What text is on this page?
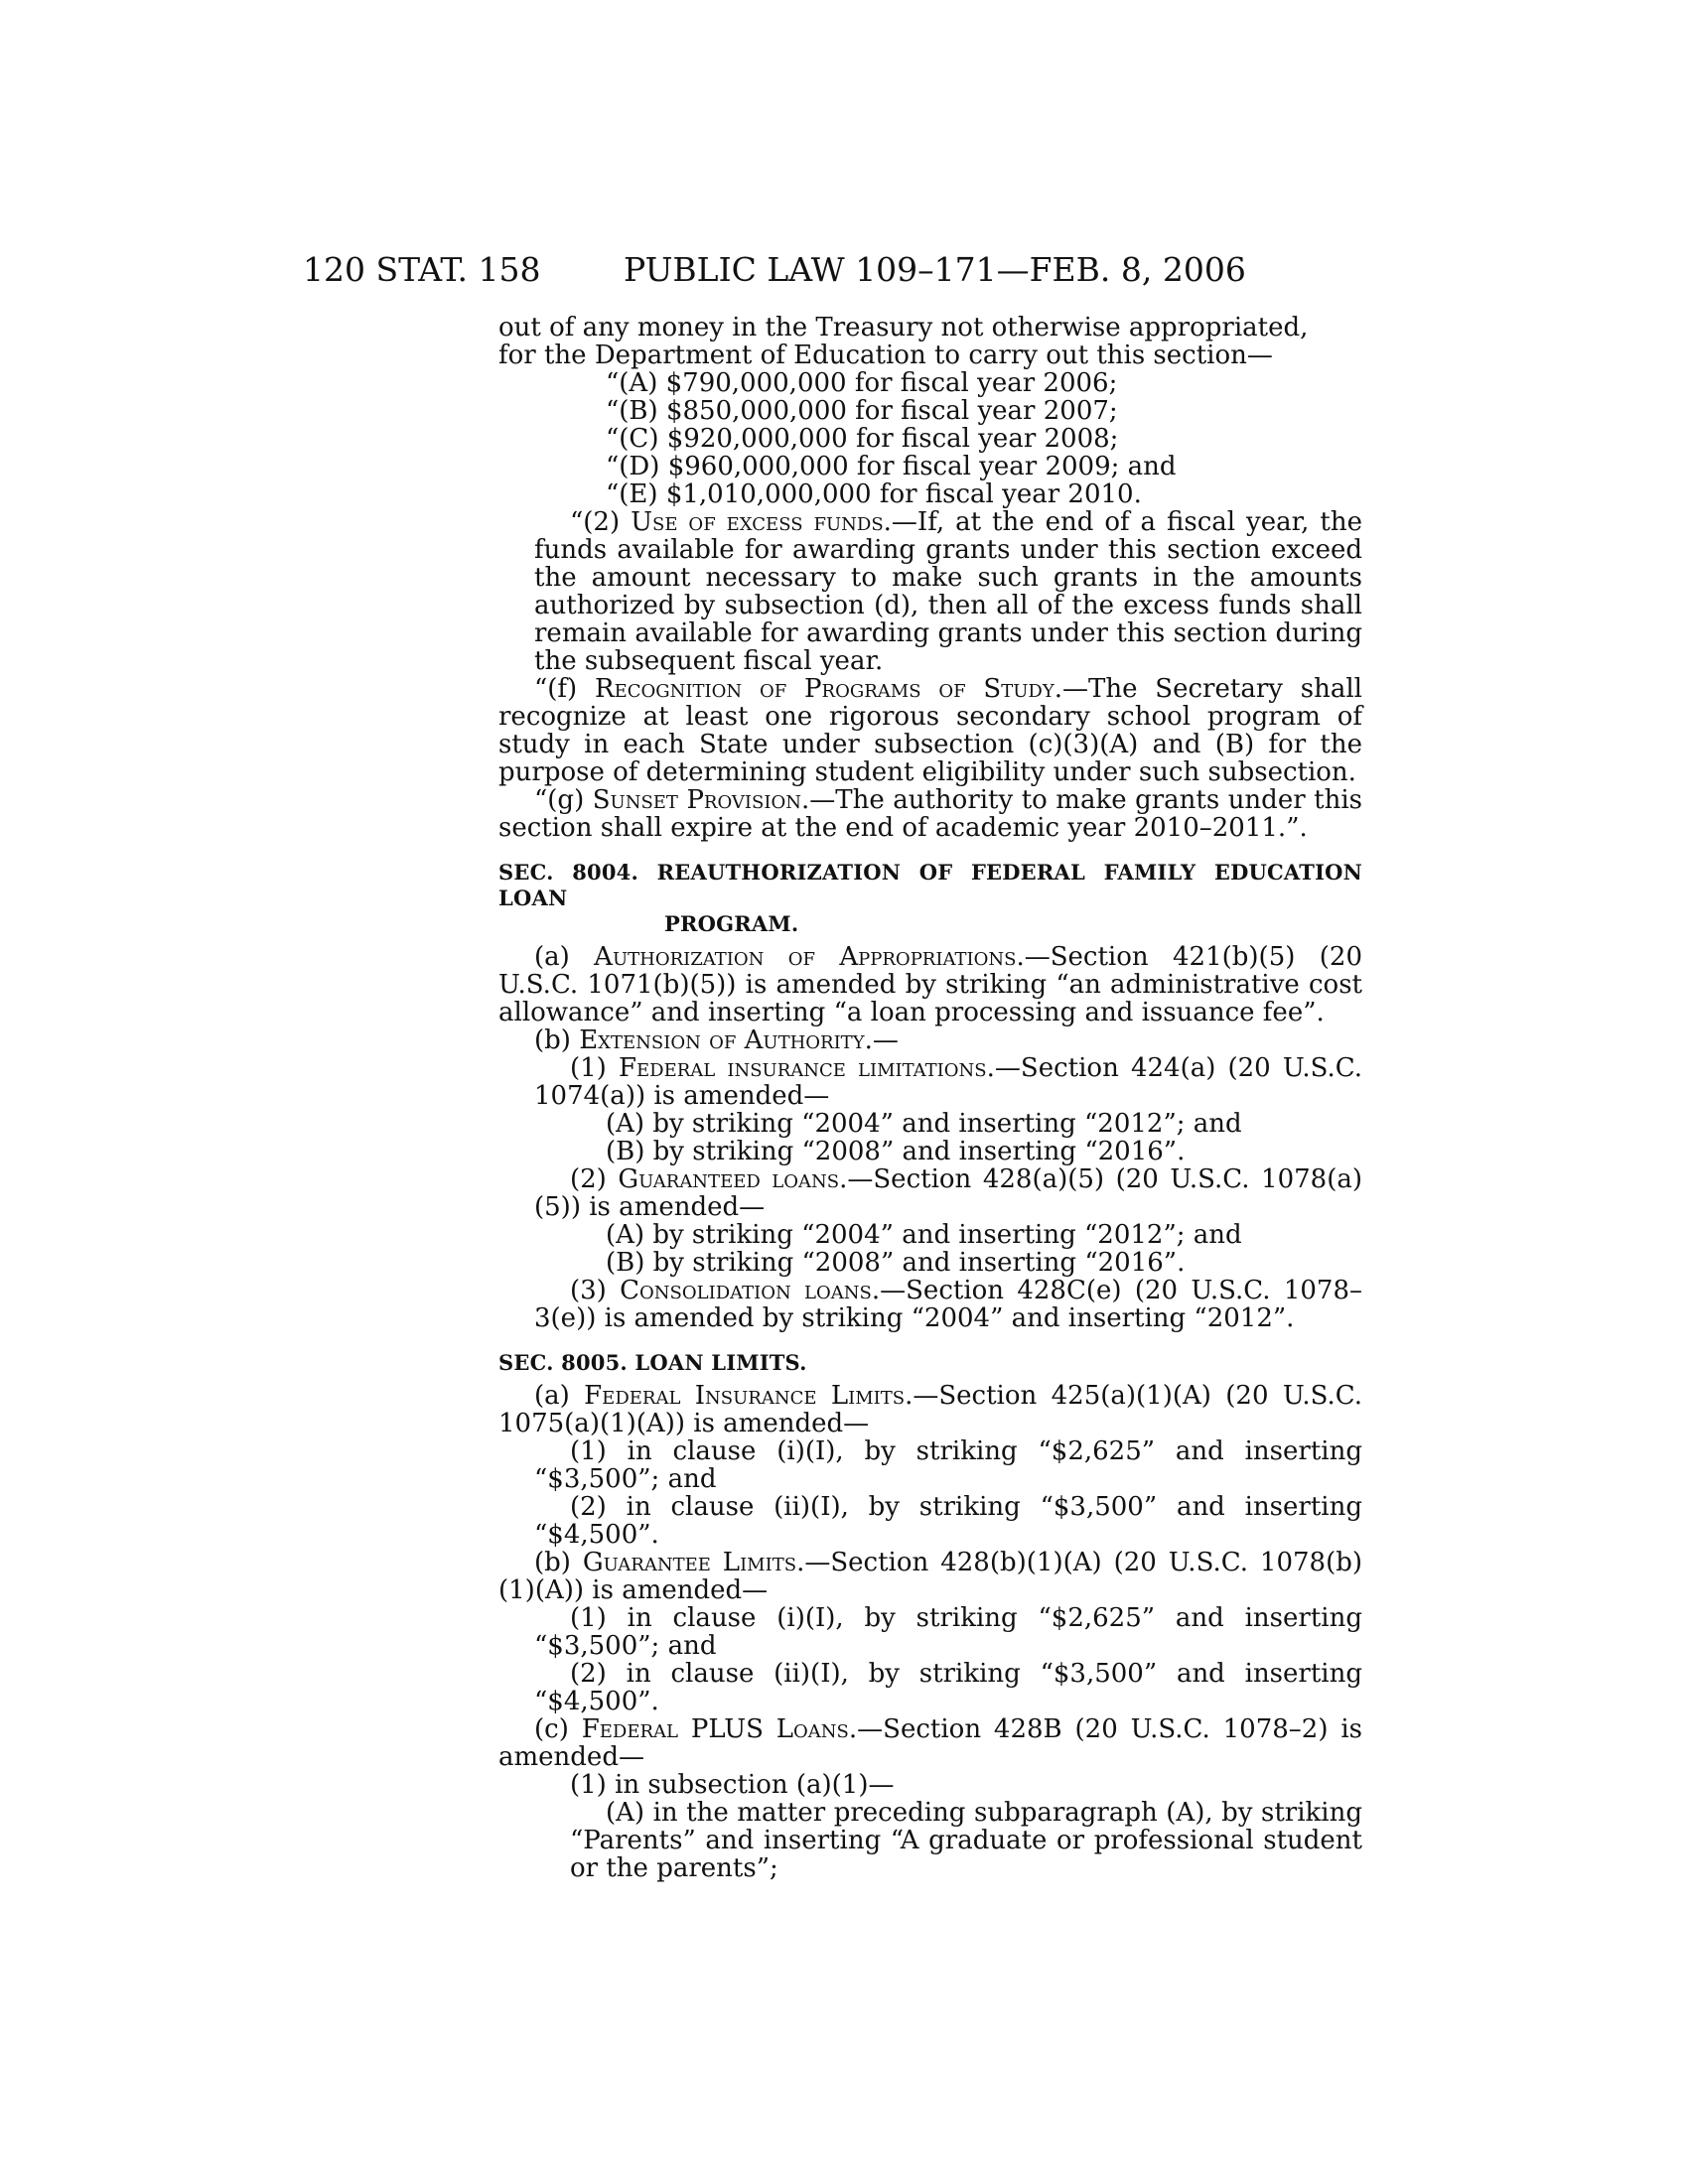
120 STAT. 158	PUBLIC LAW 109–171—FEB. 8, 2006

out of any money in the Treasury not otherwise appropriated,

for the Department of Education to carry out this section—

“(A) $790,000,000 for fiscal year 2006;

“(B) $850,000,000 for fiscal year 2007;

“(C) $920,000,000 for fiscal year 2008;

“(D) $960,000,000 for fiscal year 2009; and

“(E) $1,010,000,000 for fiscal year 2010.

“(2) Use of excess funds.—If, at the end of a fiscal year, the funds available for awarding grants under this section exceed the amount necessary to make such grants in the amounts authorized by subsection (d), then all of the excess funds shall remain available for awarding grants under this section during the subsequent fiscal year.

“(f) Recognition of Programs of Study.—The Secretary shall recognize at least one rigorous secondary school program of study in each State under subsection (c)(3)(A) and (B) for the purpose of determining student eligibility under such subsection.

“(g) Sunset Provision.—The authority to make grants under this section shall expire at the end of academic year 2010–2011.”.

SEC. 8004. REAUTHORIZATION OF FEDERAL FAMILY EDUCATION LOAN
PROGRAM.

(a) Authorization of Appropriations.—Section 421(b)(5) (20 U.S.C. 1071(b)(5)) is amended by striking “an administrative cost allowance” and inserting “a loan processing and issuance fee”.

(b) Extension of Authority.—

(1) Federal insurance limitations.—Section 424(a) (20 U.S.C. 1074(a)) is amended—

(A) by striking “2004” and inserting “2012”; and

(B) by striking “2008” and inserting “2016”.

(2) Guaranteed loans.—Section 428(a)(5) (20 U.S.C. 1078(a)(5)) is amended—

(A) by striking “2004” and inserting “2012”; and

(B) by striking “2008” and inserting “2016”.

(3) Consolidation loans.—Section 428C(e) (20 U.S.C. 1078–3(e)) is amended by striking “2004” and inserting “2012”.

SEC. 8005. LOAN LIMITS.

(a) Federal Insurance Limits.—Section 425(a)(1)(A) (20 U.S.C. 1075(a)(1)(A)) is amended—

(1) in clause (i)(I), by striking “$2,625” and inserting “$3,500”; and

(2) in clause (ii)(I), by striking “$3,500” and inserting “$4,500”.

(b) Guarantee Limits.—Section 428(b)(1)(A) (20 U.S.C. 1078(b)(1)(A)) is amended—

(1) in clause (i)(I), by striking “$2,625” and inserting “$3,500”; and

(2) in clause (ii)(I), by striking “$3,500” and inserting “$4,500”.

(c) Federal PLUS Loans.—Section 428B (20 U.S.C. 1078–2) is amended—

(1) in subsection (a)(1)—

(A) in the matter preceding subparagraph (A), by striking “Parents” and inserting “A graduate or professional student or the parents”;
